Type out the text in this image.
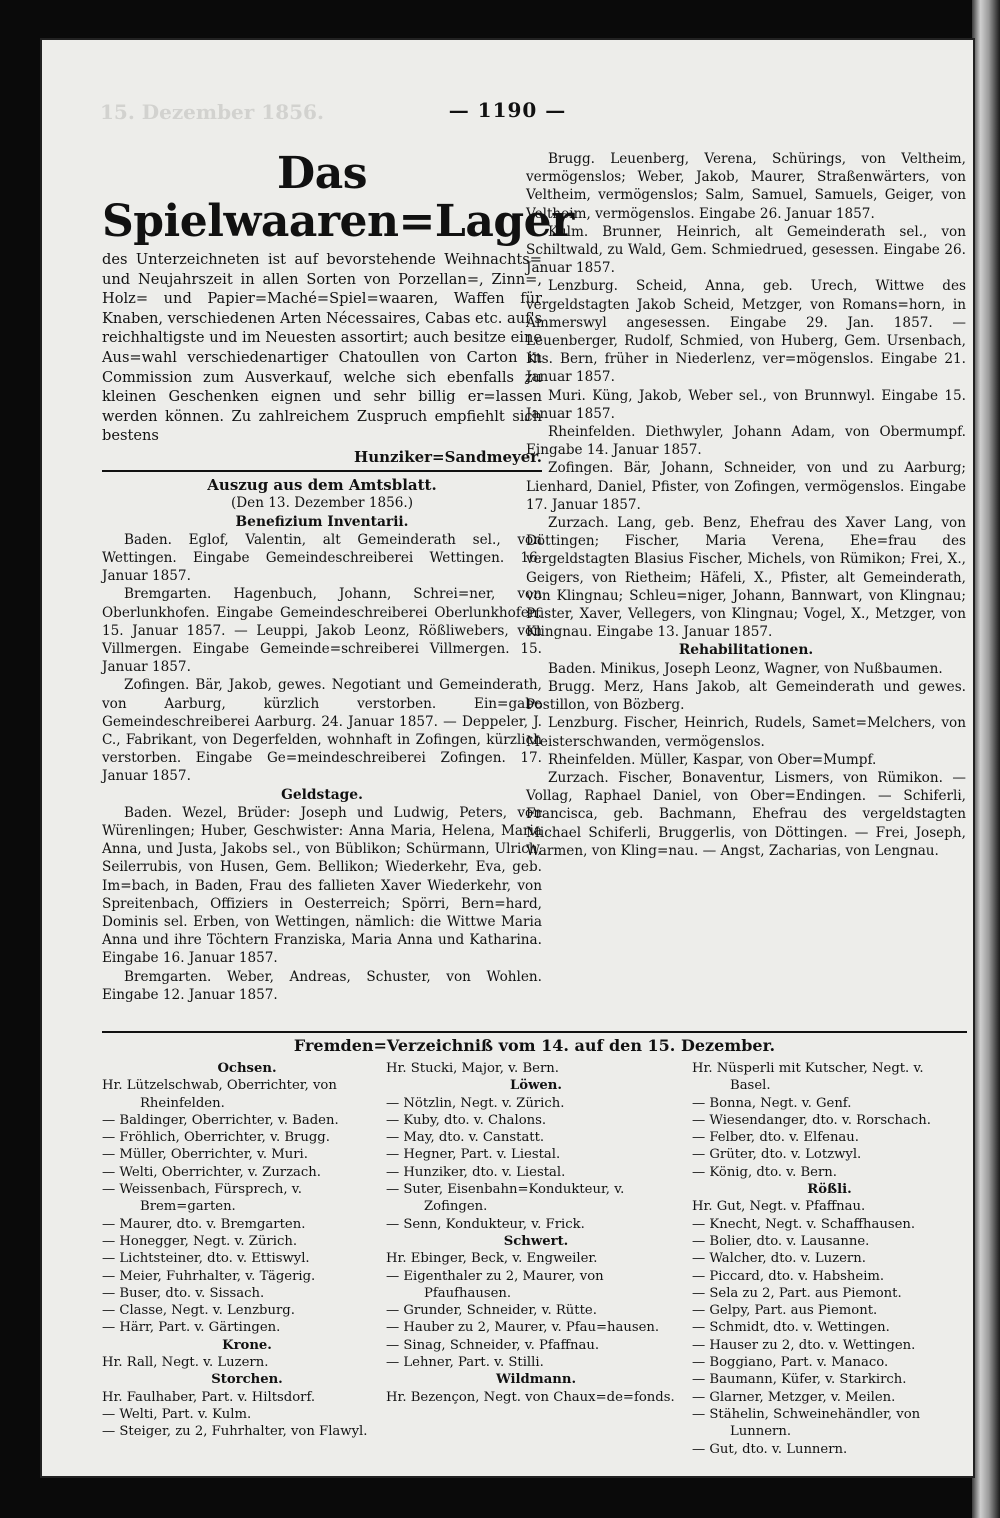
15. Dezember 1856.	— 1190 —
Das Spielwaaren=Lager
des Unterzeichneten ist auf bevorstehende Weihnachts= und Neujahrszeit in allen Sorten von Porzellan=, Zinn=, Holz= und Papier=Maché=Spiel=waaren, Waffen für Knaben, verschiedenen Arten Nécessaires, Cabas etc. auf's reichhaltigste und im Neuesten assortirt; auch besitze eine Aus=wahl verschiedenartiger Chatoullen von Carton in Commission zum Ausverkauf, welche sich ebenfalls zu kleinen Geschenken eignen und sehr billig er=lassen werden können. Zu zahlreichem Zuspruch empfiehlt sich bestens
Hunziker=Sandmeyer.
Auszug aus dem Amtsblatt.
(Den 13. Dezember 1856.)
Benefizium Inventarii.

Baden. Eglof, Valentin, alt Gemeinderath sel., von Wettingen. Eingabe Gemeindeschreiberei Wettingen. 16. Januar 1857.

Bremgarten. Hagenbuch, Johann, Schrei=ner, von Oberlunkhofen. Eingabe Gemeindeschreiberei Oberlunkhofen. 15. Januar 1857. — Leuppi, Jakob Leonz, Rößliwebers, von Villmergen. Eingabe Gemeinde=schreiberei Villmergen. 15. Januar 1857.

Zofingen. Bär, Jakob, gewes. Negotiant und Gemeinderath, von Aarburg, kürzlich verstorben. Ein=gabe Gemeindeschreiberei Aarburg. 24. Januar 1857. — Deppeler, J. C., Fabrikant, von Degerfelden, wohnhaft in Zofingen, kürzlich verstorben. Eingabe Ge=meindeschreiberei Zofingen. 17. Januar 1857.

Geldstage.

Baden. Wezel, Brüder: Joseph und Ludwig, Peters, von Würenlingen; Huber, Geschwister: Anna Maria, Helena, Maria Anna, und Justa, Jakobs sel., von Büblikon; Schürmann, Ulrich, Seilerrubis, von Husen, Gem. Bellikon; Wiederkehr, Eva, geb. Im=bach, in Baden, Frau des fallieten Xaver Wiederkehr, von Spreitenbach, Offiziers in Oesterreich; Spörri, Bern=hard, Dominis sel. Erben, von Wettingen, nämlich: die Wittwe Maria Anna und ihre Töchtern Franziska, Maria Anna und Katharina. Eingabe 16. Januar 1857.

Bremgarten. Weber, Andreas, Schuster, von Wohlen. Eingabe 12. Januar 1857.

Brugg. Leuenberg, Verena, Schürings, von Veltheim, vermögenslos; Weber, Jakob, Maurer, Straßenwärters, von Veltheim, vermögenslos; Salm, Samuel, Samuels, Geiger, von Veltheim, vermögenslos. Eingabe 26. Januar 1857.

Kulm. Brunner, Heinrich, alt Gemeinderath sel., von Schiltwald, zu Wald, Gem. Schmiedrued, gesessen. Eingabe 26. Januar 1857.

Lenzburg. Scheid, Anna, geb. Urech, Wittwe des vergeldstagten Jakob Scheid, Metzger, von Romans=horn, in Ammerswyl angesessen. Eingabe 29. Jan. 1857. — Leuenberger, Rudolf, Schmied, von Huberg, Gem. Ursenbach, Kts. Bern, früher in Niederlenz, ver=mögenslos. Eingabe 21. Januar 1857.

Muri. Küng, Jakob, Weber sel., von Brunnwyl. Eingabe 15. Januar 1857.

Rheinfelden. Diethwyler, Johann Adam, von Obermumpf. Eingabe 14. Januar 1857.

Zofingen. Bär, Johann, Schneider, von und zu Aarburg; Lienhard, Daniel, Pfister, von Zofingen, vermögenslos. Eingabe 17. Januar 1857.

Zurzach. Lang, geb. Benz, Ehefrau des Xaver Lang, von Döttingen; Fischer, Maria Verena, Ehe=frau des vergeldstagten Blasius Fischer, Michels, von Rümikon; Frei, X., Geigers, von Rietheim; Häfeli, X., Pfister, alt Gemeinderath, von Klingnau; Schleu=niger, Johann, Bannwart, von Klingnau; Pfister, Xaver, Vellegers, von Klingnau; Vogel, X., Metzger, von Klingnau. Eingabe 13. Januar 1857.

Rehabilitationen.

Baden. Minikus, Joseph Leonz, Wagner, von Nußbaumen.

Brugg. Merz, Hans Jakob, alt Gemeinderath und gewes. Postillon, von Bözberg.

Lenzburg. Fischer, Heinrich, Rudels, Samet=Melchers, von Meisterschwanden, vermögenslos.

Rheinfelden. Müller, Kaspar, von Ober=Mumpf.

Zurzach. Fischer, Bonaventur, Lismers, von Rümikon. — Vollag, Raphael Daniel, von Ober=Endingen. — Schiferli, Francisca, geb. Bachmann, Ehefrau des vergeldstagten Michael Schiferli, Bruggerlis, von Döttingen. — Frei, Joseph, Warmen, von Kling=nau. — Angst, Zacharias, von Lengnau.

Fremden=Verzeichniß vom 14. auf den 15. Dezember.
Ochsen.
Hr. Lützelschwab, Oberrichter, von Rheinfelden.
— Baldinger, Oberrichter, v. Baden.
— Fröhlich, Oberrichter, v. Brugg.
— Müller, Oberrichter, v. Muri.
— Welti, Oberrichter, v. Zurzach.
— Weissenbach, Fürsprech, v. Brem=garten.
— Maurer, dto. v. Bremgarten.
— Honegger, Negt. v. Zürich.
— Lichtsteiner, dto. v. Ettiswyl.
— Meier, Fuhrhalter, v. Tägerig.
— Buser, dto. v. Sissach.
— Classe, Negt. v. Lenzburg.
— Härr, Part. v. Gärtingen.
Krone.
Hr. Rall, Negt. v. Luzern.
Storchen.
Hr. Faulhaber, Part. v. Hiltsdorf.
— Welti, Part. v. Kulm.
— Steiger, zu 2, Fuhrhalter, von Flawyl.
Hr. Stucki, Major, v. Bern.
Löwen.
— Nötzlin, Negt. v. Zürich.
— Kuby, dto. v. Chalons.
— May, dto. v. Canstatt.
— Hegner, Part. v. Liestal.
— Hunziker, dto. v. Liestal.
— Suter, Eisenbahn=Kondukteur, v. Zofingen.
— Senn, Kondukteur, v. Frick.
Schwert.
Hr. Ebinger, Beck, v. Engweiler.
— Eigenthaler zu 2, Maurer, von Pfaufhausen.
— Grunder, Schneider, v. Rütte.
— Hauber zu 2, Maurer, v. Pfau=hausen.
— Sinag, Schneider, v. Pfaffnau.
— Lehner, Part. v. Stilli.
Wildmann.
Hr. Bezençon, Negt. von Chaux=de=fonds.
Hr. Nüsperli mit Kutscher, Negt. v. Basel.
— Bonna, Negt. v. Genf.
— Wiesendanger, dto. v. Rorschach.
— Felber, dto. v. Elfenau.
— Grüter, dto. v. Lotzwyl.
— König, dto. v. Bern.
Rößli.
Hr. Gut, Negt. v. Pfaffnau.
— Knecht, Negt. v. Schaffhausen.
— Bolier, dto. v. Lausanne.
— Walcher, dto. v. Luzern.
— Piccard, dto. v. Habsheim.
— Sela zu 2, Part. aus Piemont.
— Gelpy, Part. aus Piemont.
— Schmidt, dto. v. Wettingen.
— Hauser zu 2, dto. v. Wettingen.
— Boggiano, Part. v. Manaco.
— Baumann, Küfer, v. Starkirch.
— Glarner, Metzger, v. Meilen.
— Stähelin, Schweinehändler, von Lunnern.
— Gut, dto. v. Lunnern.
